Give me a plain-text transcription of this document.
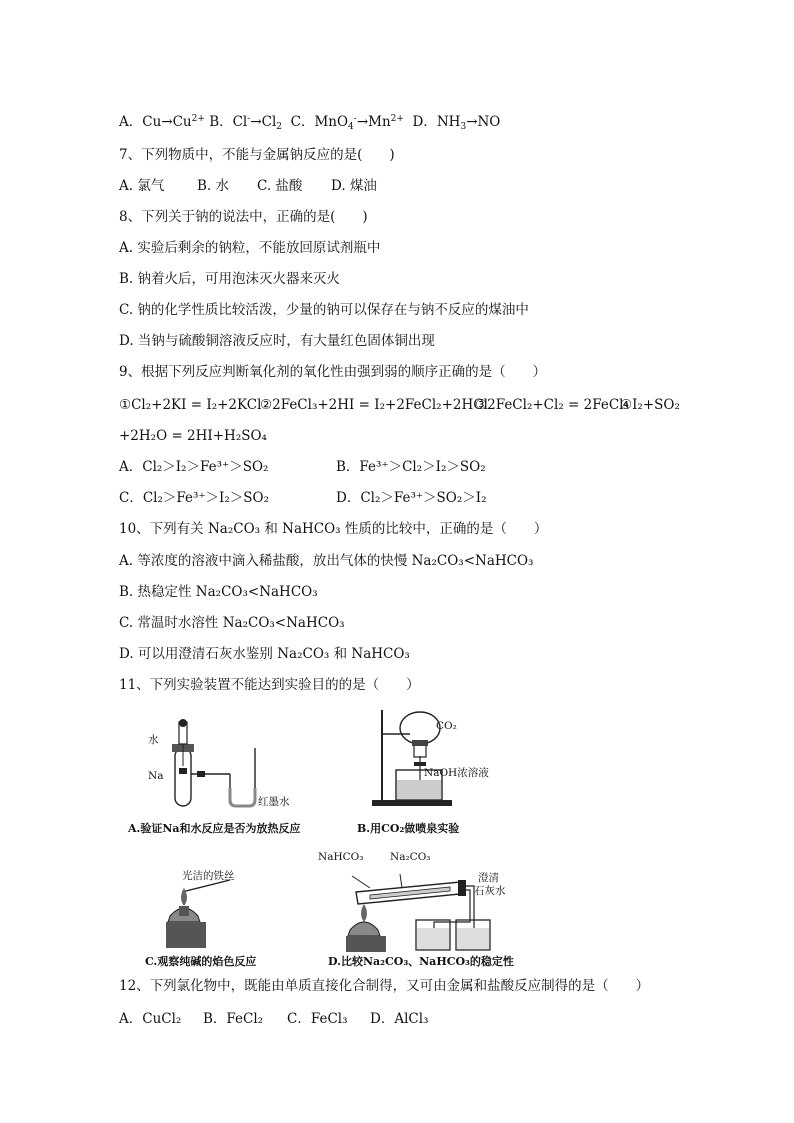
A．$Cu\to Cu^{2+}$ B．$Cl^-\to Cl_2$ C．$MnO_4^-\to Mn^{2+}$ D．$NH_3\to NO$
7、下列物质中，不能与金属钠反应的是(　　)
A. 氯气 B. 水 C. 盐酸 D. 煤油
8、下列关于钠的说法中，正确的是(　　)
A. 实验后剩余的钠粒，不能放回原试剂瓶中
B. 钠着火后，可用泡沫灭火器来灭火
C. 钠的化学性质比较活泼，少量的钠可以保存在与钠不反应的煤油中
D. 当钠与硫酸铜溶液反应时，有大量红色固体铜出现
9、根据下列反应判断氧化剂的氧化性由强到弱的顺序正确的是（　　）
①Cl₂+2KI = I₂+2KCl
②2FeCl₃+2HI = I₂+2FeCl₂+2HCl
③2FeCl₂+Cl₂ = 2FeCl₃
④I₂+SO₂
+2H₂O = 2HI+H₂SO₄
A．Cl₂＞I₂＞Fe³⁺＞SO₂	B．Fe³⁺＞Cl₂＞I₂＞SO₂
C．Cl₂＞Fe³⁺＞I₂＞SO₂	D．Cl₂＞Fe³⁺＞SO₂＞I₂
10、下列有关 Na₂CO₃ 和 NaHCO₃ 性质的比较中，正确的是（　　）
A. 等浓度的溶液中滴入稀盐酸，放出气体的快慢 Na₂CO₃<NaHCO₃
B. 热稳定性 Na₂CO₃<NaHCO₃
C. 常温时水溶性 Na₂CO₃<NaHCO₃
D. 可以用澄清石灰水鉴别 Na₂CO₃ 和 NaHCO₃
11、下列实验装置不能达到实验目的的是（　　）
水
Na
红墨水
A.验证Na和水反应是否为放热反应
CO₂
NaOH浓溶液
B.用CO₂做喷泉实验
光洁的铁丝
C.观察纯碱的焰色反应
NaHCO₃	Na₂CO₃
澄清
石灰水
D.比较Na₂CO₃、NaHCO₃的稳定性
12、下列氯化物中，既能由单质直接化合制得，又可由金属和盐酸反应制得的是（　　）
A．CuCl₂ B．FeCl₂ C．FeCl₃ D．AlCl₃
